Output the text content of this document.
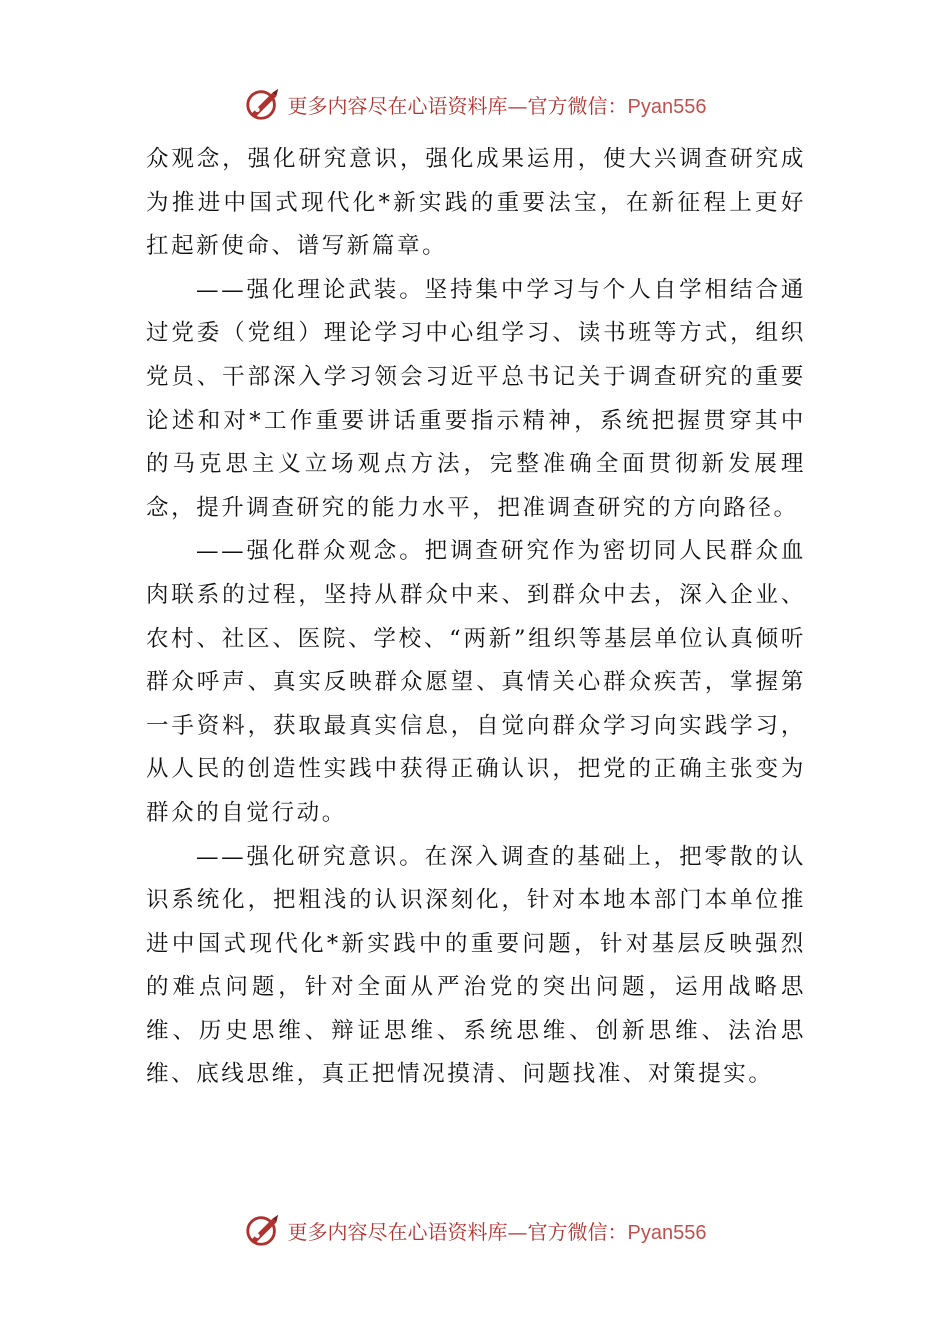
更多内容尽在心语资料库—官方微信：Pyan556

众观念，强化研究意识，强化成果运用，使大兴调查研究成为推进中国式现代化*新实践的重要法宝，在新征程上更好扛起新使命、谱写新篇章。

——强化理论武装。坚持集中学习与个人自学相结合通过党委（党组）理论学习中心组学习、读书班等方式，组织党员、干部深入学习领会习近平总书记关于调查研究的重要论述和对*工作重要讲话重要指示精神，系统把握贯穿其中的马克思主义立场观点方法，完整准确全面贯彻新发展理念，提升调查研究的能力水平，把准调查研究的方向路径。

——强化群众观念。把调查研究作为密切同人民群众血肉联系的过程，坚持从群众中来、到群众中去，深入企业、农村、社区、医院、学校、“两新”组织等基层单位认真倾听群众呼声、真实反映群众愿望、真情关心群众疾苦，掌握第一手资料，获取最真实信息，自觉向群众学习向实践学习，从人民的创造性实践中获得正确认识，把党的正确主张变为群众的自觉行动。

——强化研究意识。在深入调查的基础上，把零散的认识系统化，把粗浅的认识深刻化，针对本地本部门本单位推进中国式现代化*新实践中的重要问题，针对基层反映强烈的难点问题，针对全面从严治党的突出问题，运用战略思维、历史思维、辩证思维、系统思维、创新思维、法治思维、底线思维，真正把情况摸清、问题找准、对策提实。

更多内容尽在心语资料库—官方微信：Pyan556
